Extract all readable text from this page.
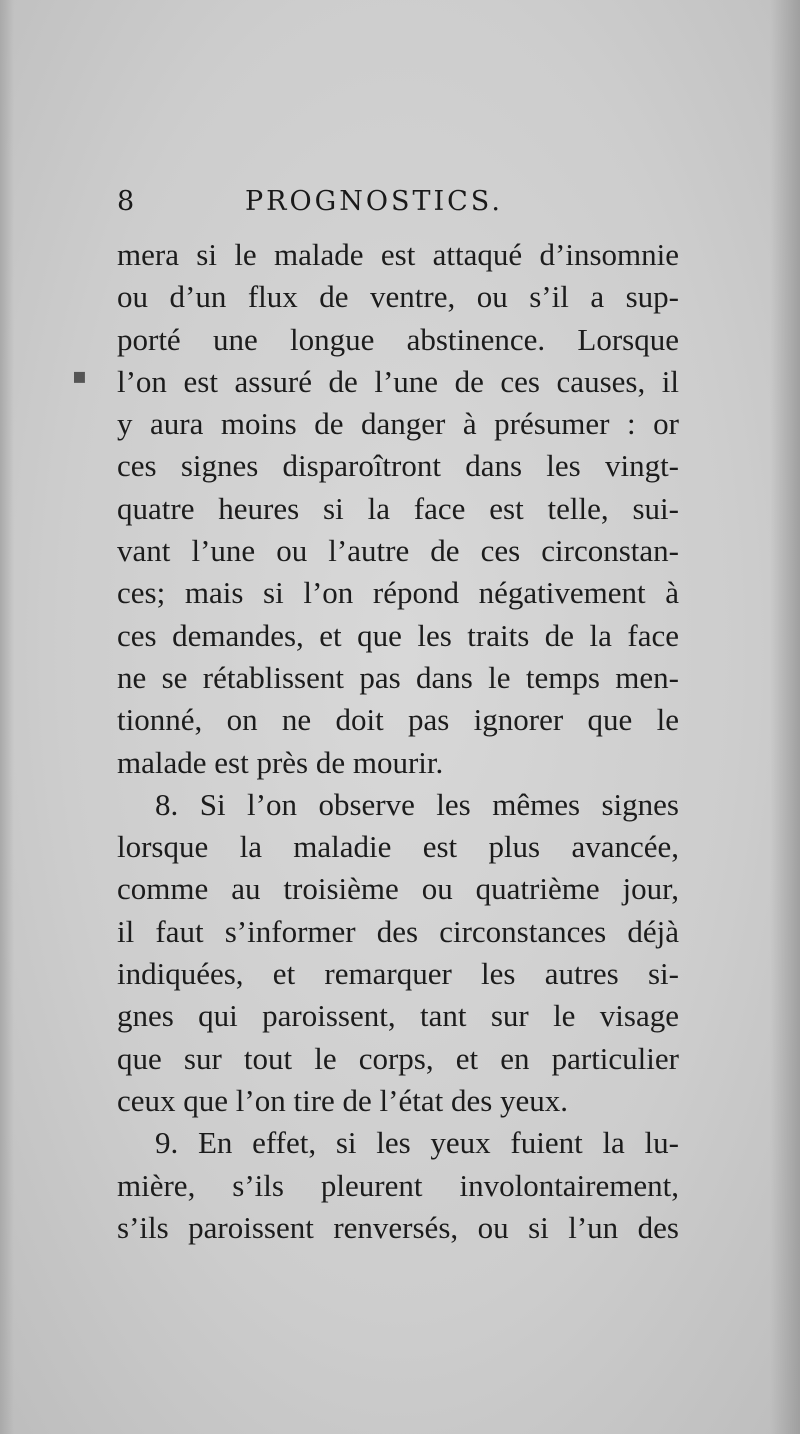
8	PROGNOSTICS.
mera si le malade est attaqué d’insomnie
ou d’un flux de ventre, ou s’il a sup-
porté une longue abstinence. Lorsque
l’on est assuré de l’une de ces causes, il
y aura moins de danger à présumer : or
ces signes disparoîtront dans les vingt-
quatre heures si la face est telle, sui-
vant l’une ou l’autre de ces circonstan-
ces; mais si l’on répond négativement à
ces demandes, et que les traits de la face
ne se rétablissent pas dans le temps men-
tionné, on ne doit pas ignorer que le
malade est près de mourir.
8. Si l’on observe les mêmes signes
lorsque la maladie est plus avancée,
comme au troisième ou quatrième jour,
il faut s’informer des circonstances déjà
indiquées, et remarquer les autres si-
gnes qui paroissent, tant sur le visage
que sur tout le corps, et en particulier
ceux que l’on tire de l’état des yeux.
9. En effet, si les yeux fuient la lu-
mière, s’ils pleurent involontairement,
s’ils paroissent renversés, ou si l’un des
▪
